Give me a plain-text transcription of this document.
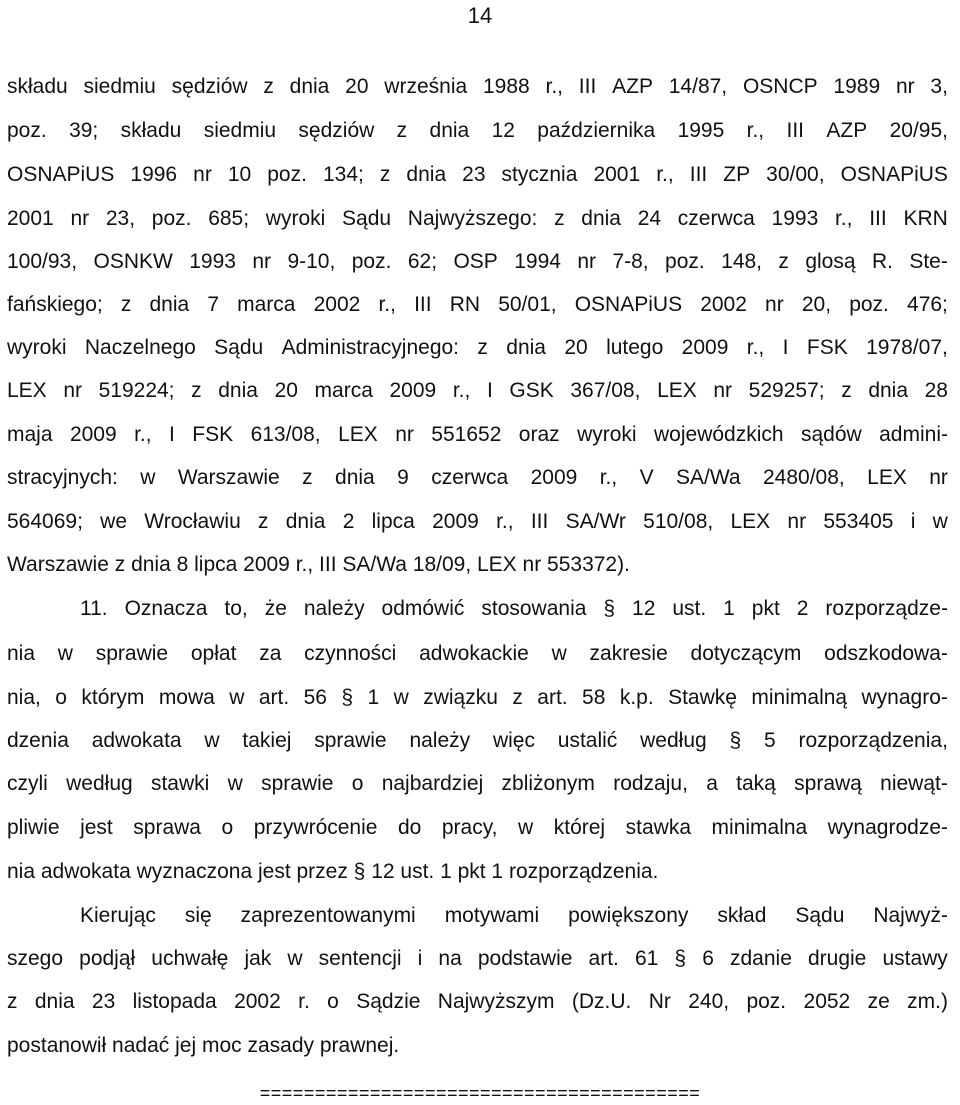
14
składu siedmiu sędziów z dnia 20 września 1988 r., III AZP 14/87, OSNCP 1989 nr 3,
poz. 39; składu siedmiu sędziów z dnia 12 października 1995 r., III AZP 20/95,
OSNAPiUS 1996 nr 10 poz. 134; z dnia 23 stycznia 2001 r., III ZP 30/00, OSNAPiUS
2001 nr 23, poz. 685; wyroki Sądu Najwyższego: z dnia 24 czerwca 1993 r., III KRN
100/93, OSNKW 1993 nr 9-10, poz. 62; OSP 1994 nr 7-8, poz. 148, z glosą R. Ste-
fańskiego; z dnia 7 marca 2002 r., III RN 50/01, OSNAPiUS 2002 nr 20, poz. 476;
wyroki Naczelnego Sądu Administracyjnego: z dnia 20 lutego 2009 r., I FSK 1978/07,
LEX nr 519224; z dnia 20 marca 2009 r., I GSK 367/08, LEX nr 529257; z dnia 28
maja 2009 r., I FSK 613/08, LEX nr 551652 oraz wyroki wojewódzkich sądów admini-
stracyjnych: w Warszawie z dnia 9 czerwca 2009 r., V SA/Wa 2480/08, LEX nr
564069; we Wrocławiu z dnia 2 lipca 2009 r., III SA/Wr 510/08, LEX nr 553405 i w
Warszawie z dnia 8 lipca 2009 r., III SA/Wa 18/09, LEX nr 553372).
11. Oznacza to, że należy odmówić stosowania § 12 ust. 1 pkt 2 rozporządze-
nia w sprawie opłat za czynności adwokackie w zakresie dotyczącym odszkodowa-
nia, o którym mowa w art. 56 § 1 w związku z art. 58 k.p. Stawkę minimalną wynagro-
dzenia adwokata w takiej sprawie należy więc ustalić według § 5 rozporządzenia,
czyli według stawki w sprawie o najbardziej zbliżonym rodzaju, a taką sprawą niewąt-
pliwie jest sprawa o przywrócenie do pracy, w której stawka minimalna wynagrodze-
nia adwokata wyznaczona jest przez § 12 ust. 1 pkt 1 rozporządzenia.
Kierując się zaprezentowanymi motywami powiększony skład Sądu Najwyż-
szego podjął uchwałę jak w sentencji i na podstawie art. 61 § 6 zdanie drugie ustawy
z dnia 23 listopada 2002 r. o Sądzie Najwyższym (Dz.U. Nr 240, poz. 2052 ze zm.)
postanowił nadać jej moc zasady prawnej.
========================================
